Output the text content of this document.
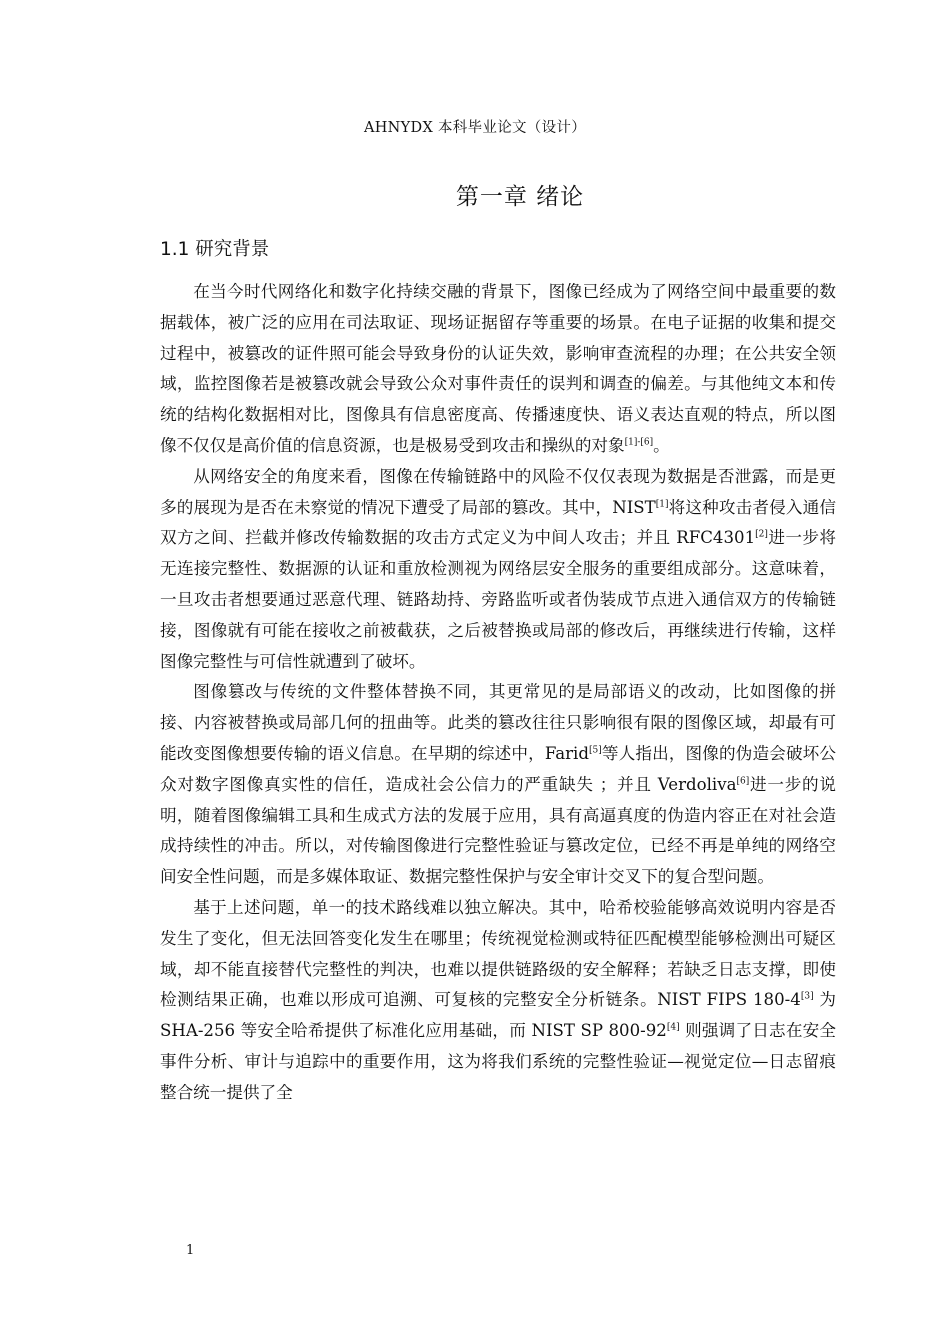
AHNYDX 本科毕业论文（设计）
第一章 绪论
1.1 研究背景

在当今时代网络化和数字化持续交融的背景下，图像已经成为了网络空间中最重要的数据载体，被广泛的应用在司法取证、现场证据留存等重要的场景。在电子证据的收集和提交过程中，被篡改的证件照可能会导致身份的认证失效，影响审查流程的办理；在公共安全领域，监控图像若是被篡改就会导致公众对事件责任的误判和调查的偏差。与其他纯文本和传统的结构化数据相对比，图像具有信息密度高、传播速度快、语义表达直观的特点，所以图像不仅仅是高价值的信息资源，也是极易受到攻击和操纵的对象[1]-[6]。

从网络安全的角度来看，图像在传输链路中的风险不仅仅表现为数据是否泄露，而是更多的展现为是否在未察觉的情况下遭受了局部的篡改。其中，NIST[1]将这种攻击者侵入通信双方之间、拦截并修改传输数据的攻击方式定义为中间人攻击；并且 RFC4301[2]进一步将无连接完整性、数据源的认证和重放检测视为网络层安全服务的重要组成部分。这意味着，一旦攻击者想要通过恶意代理、链路劫持、旁路监听或者伪装成节点进入通信双方的传输链接，图像就有可能在接收之前被截获，之后被替换或局部的修改后，再继续进行传输，这样图像完整性与可信性就遭到了破坏。

图像篡改与传统的文件整体替换不同，其更常见的是局部语义的改动，比如图像的拼接、内容被替换或局部几何的扭曲等。此类的篡改往往只影响很有限的图像区域，却最有可能改变图像想要传输的语义信息。在早期的综述中，Farid[5]等人指出，图像的伪造会破坏公众对数字图像真实性的信任，造成社会公信力的严重缺失 ；并且 Verdoliva[6]进一步的说明，随着图像编辑工具和生成式方法的发展于应用，具有高逼真度的伪造内容正在对社会造成持续性的冲击。所以，对传输图像进行完整性验证与篡改定位，已经不再是单纯的网络空间安全性问题，而是多媒体取证、数据完整性保护与安全审计交叉下的复合型问题。

基于上述问题，单一的技术路线难以独立解决。其中，哈希校验能够高效说明内容是否发生了变化，但无法回答变化发生在哪里；传统视觉检测或特征匹配模型能够检测出可疑区域，却不能直接替代完整性的判决，也难以提供链路级的安全解释；若缺乏日志支撑，即使检测结果正确，也难以形成可追溯、可复核的完整安全分析链条。NIST FIPS 180-4[3] 为 SHA-256 等安全哈希提供了标准化应用基础，而 NIST SP 800-92[4] 则强调了日志在安全事件分析、审计与追踪中的重要作用，这为将我们系统的完整性验证—视觉定位—日志留痕整合统一提供了全

1
